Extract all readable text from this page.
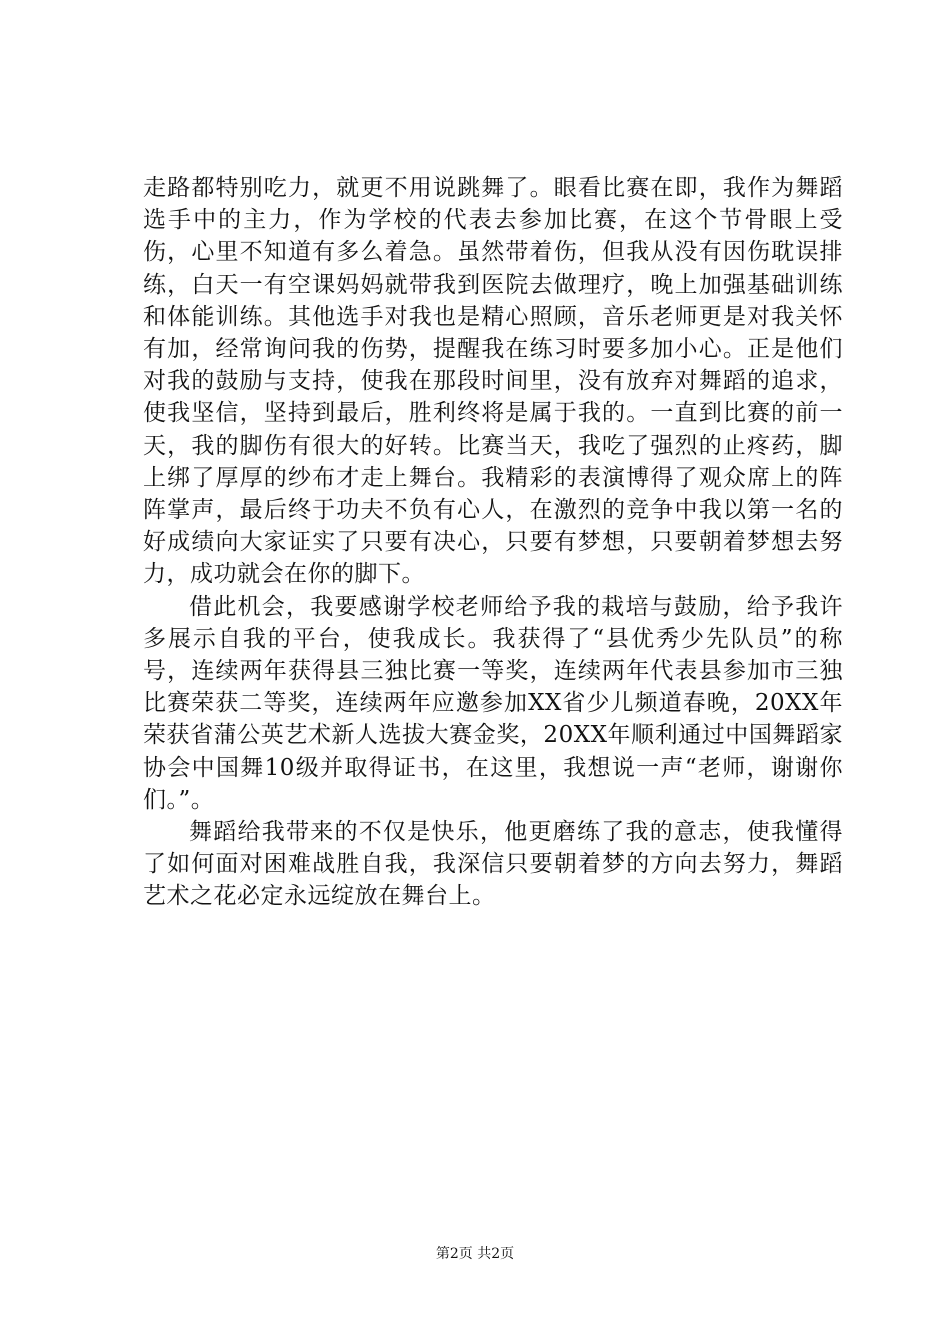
走路都特别吃力，就更不用说跳舞了。眼看比赛在即，我作为舞蹈选手中的主力，作为学校的代表去参加比赛，在这个节骨眼上受伤，心里不知道有多么着急。虽然带着伤，但我从没有因伤耽误排练，白天一有空课妈妈就带我到医院去做理疗，晚上加强基础训练和体能训练。其他选手对我也是精心照顾，音乐老师更是对我关怀有加，经常询问我的伤势，提醒我在练习时要多加小心。正是他们对我的鼓励与支持，使我在那段时间里，没有放弃对舞蹈的追求，使我坚信，坚持到最后，胜利终将是属于我的。一直到比赛的前一天，我的脚伤有很大的好转。比赛当天，我吃了强烈的止疼药，脚上绑了厚厚的纱布才走上舞台。我精彩的表演博得了观众席上的阵阵掌声，最后终于功夫不负有心人，在激烈的竞争中我以第一名的好成绩向大家证实了只要有决心，只要有梦想，只要朝着梦想去努力，成功就会在你的脚下。

借此机会，我要感谢学校老师给予我的栽培与鼓励，给予我许多展示自我的平台，使我成长。我获得了“县优秀少先队员”的称号，连续两年获得县三独比赛一等奖，连续两年代表县参加市三独比赛荣获二等奖，连续两年应邀参加XX省少儿频道春晚，20XX年荣获省蒲公英艺术新人选拔大赛金奖，20XX年顺利通过中国舞蹈家协会中国舞10级并取得证书，在这里，我想说一声“老师，谢谢你们。”。

舞蹈给我带来的不仅是快乐，他更磨练了我的意志，使我懂得了如何面对困难战胜自我，我深信只要朝着梦的方向去努力，舞蹈艺术之花必定永远绽放在舞台上。

第2页 共2页
